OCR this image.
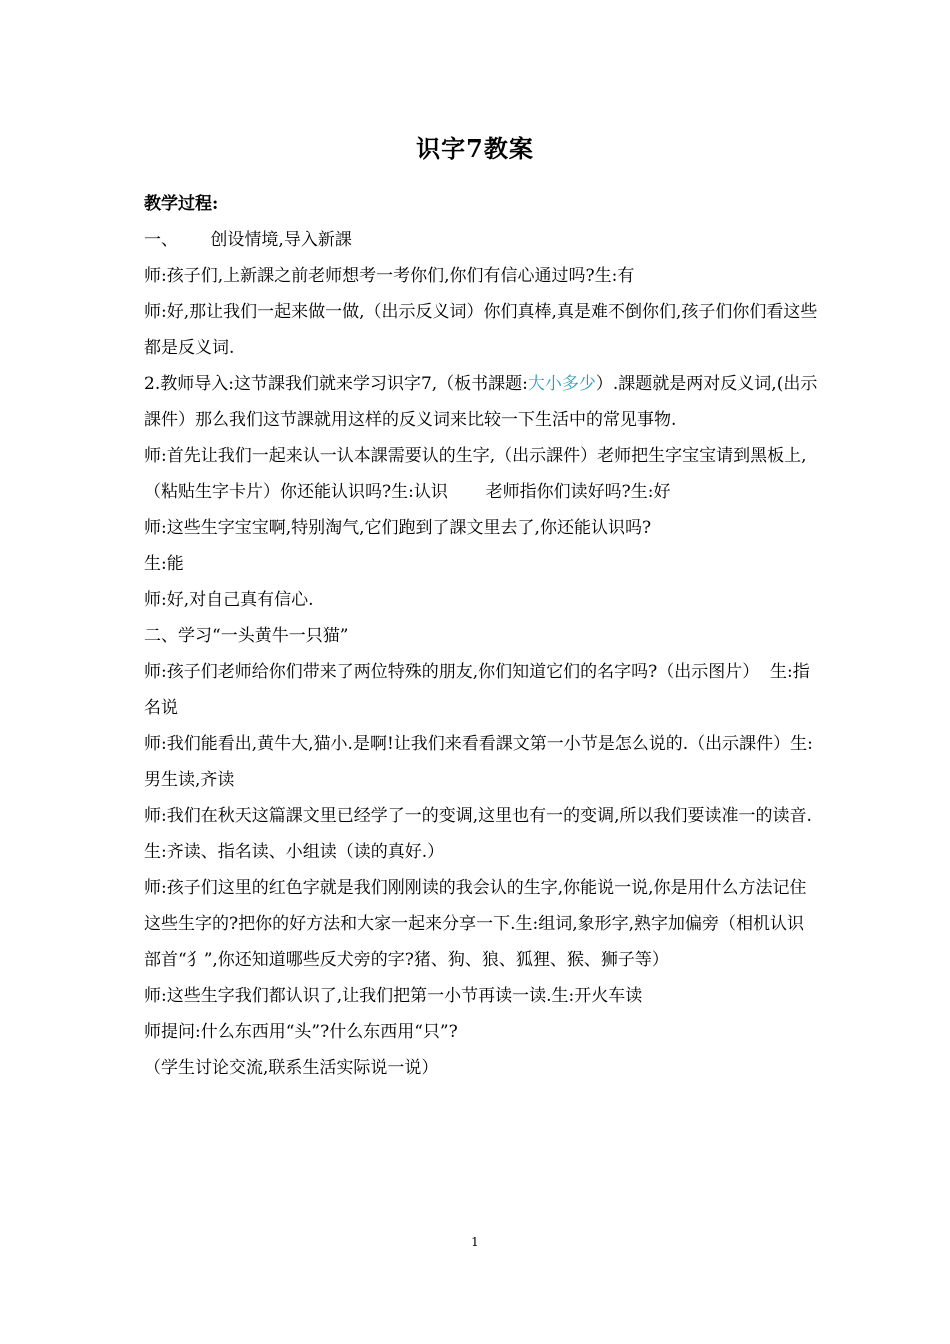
识字7教案

教学过程:

一、      创设情境,导入新課

师:孩子们,上新課之前老师想考一考你们,你们有信心通过吗?生:有

师:好,那让我们一起来做一做,（出示反义词）你们真棒,真是难不倒你们,孩子们你们看这些都是反义词.

2.教师导入:这节課我们就来学习识字7,（板书課题:大小多少）.課题就是两对反义词,(出示課件）那么我们这节課就用这样的反义词来比较一下生活中的常见事物.

师:首先让我们一起来认一认本課需要认的生字,（出示課件）老师把生字宝宝请到黑板上,（粘贴生字卡片）你还能认识吗?生:认识       老师指你们读好吗?生:好

师:这些生字宝宝啊,特别淘气,它们跑到了課文里去了,你还能认识吗?

生:能

师:好,对自己真有信心.

二、学习“一头黄牛一只猫”

师:孩子们老师给你们带来了两位特殊的朋友,你们知道它们的名字吗?（出示图片）  生:指名说

师:我们能看出,黄牛大,猫小.是啊!让我们来看看課文第一小节是怎么说的.（出示課件）生:男生读,齐读

师:我们在秋天这篇課文里已经学了一的变调,这里也有一的变调,所以我们要读准一的读音.                   生:齐读、指名读、小组读（读的真好.）

师:孩子们这里的红色字就是我们刚刚读的我会认的生字,你能说一说,你是用什么方法记住这些生字的?把你的好方法和大家一起来分享一下.生:组词,象形字,熟字加偏旁（相机认识部首“犭”,你还知道哪些反犬旁的字?猪、狗、狼、狐狸、猴、狮子等）

师:这些生字我们都认识了,让我们把第一小节再读一读.生:开火车读

师提问:什么东西用“头”?什么东西用“只”?

（学生讨论交流,联系生活实际说一说）

1
